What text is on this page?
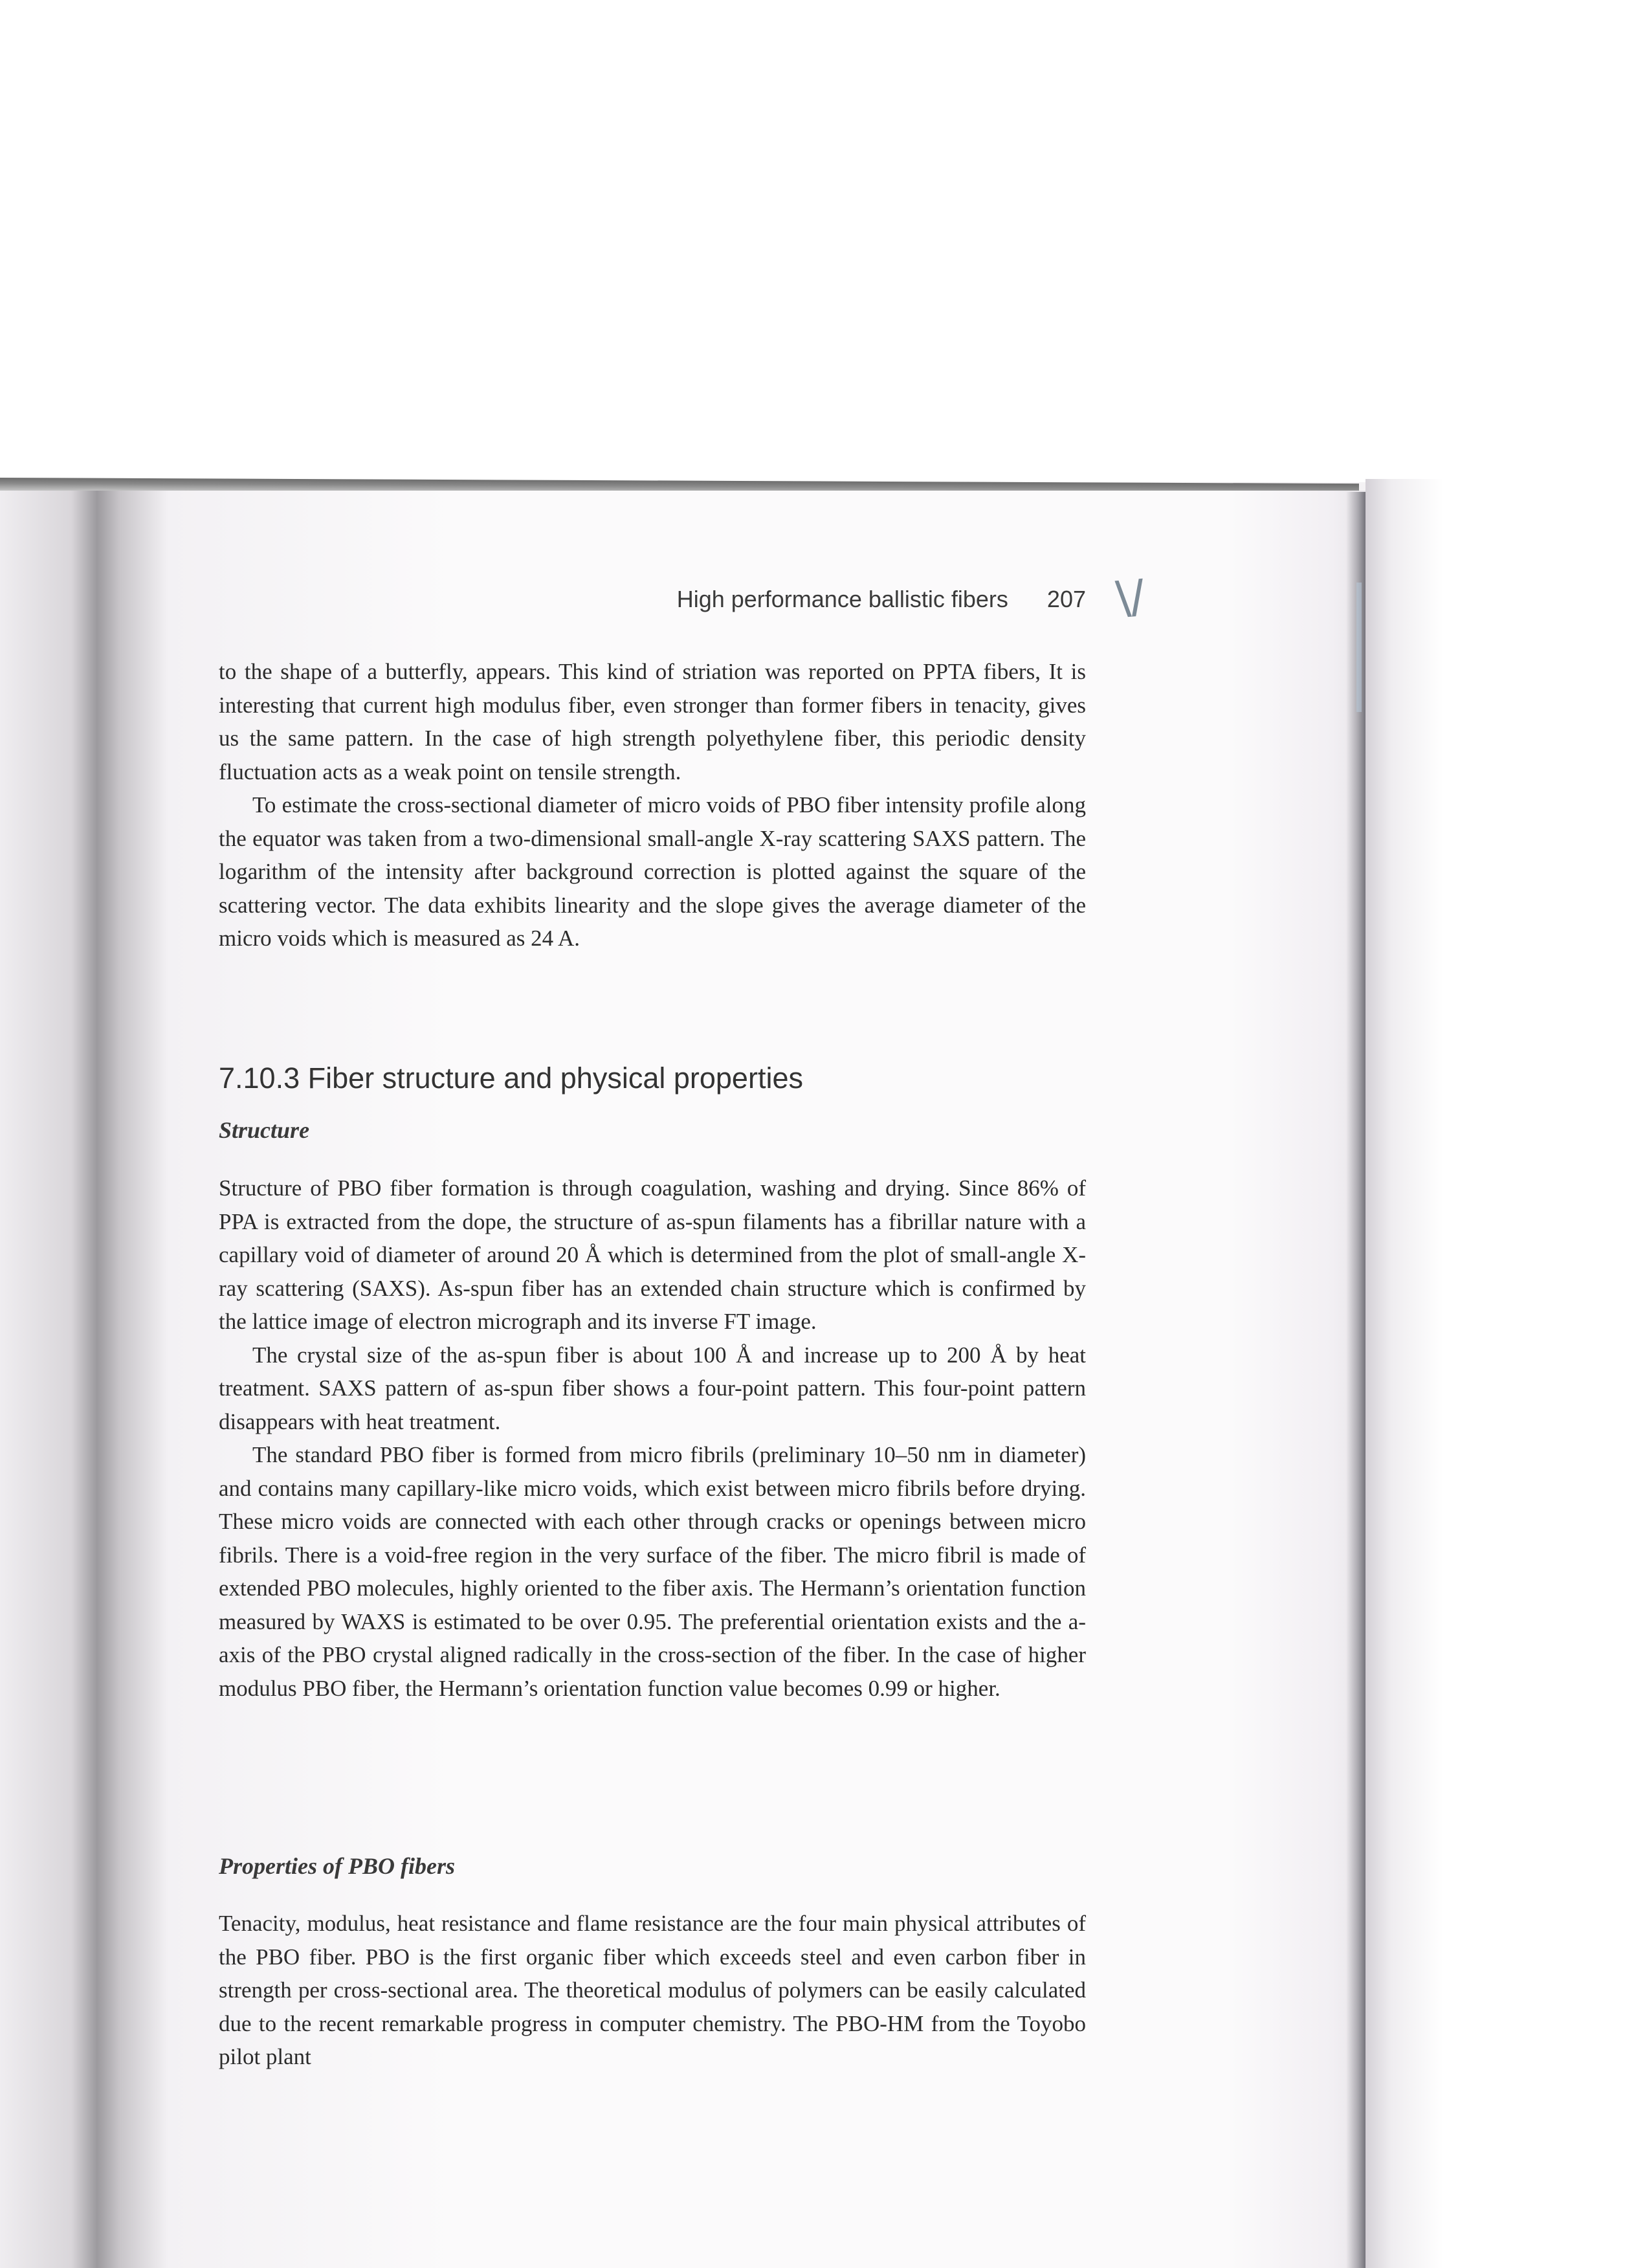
High performance ballistic fibers 207 \/

to the shape of a butterfly, appears. This kind of striation was reported on PPTA fibers, It is interesting that current high modulus fiber, even stronger than former fibers in tenacity, gives us the same pattern. In the case of high strength polyethylene fiber, this periodic density fluctuation acts as a weak point on tensile strength.

To estimate the cross-sectional diameter of micro voids of PBO fiber intensity profile along the equator was taken from a two-dimensional small-angle X-ray scattering SAXS pattern. The logarithm of the intensity after background correction is plotted against the square of the scattering vector. The data exhibits linearity and the slope gives the average diameter of the micro voids which is measured as 24 A.

7.10.3 Fiber structure and physical properties
Structure

Structure of PBO fiber formation is through coagulation, washing and drying. Since 86% of PPA is extracted from the dope, the structure of as-spun filaments has a fibrillar nature with a capillary void of diameter of around 20 Å which is determined from the plot of small-angle X-ray scattering (SAXS). As-spun fiber has an extended chain structure which is confirmed by the lattice image of electron micrograph and its inverse FT image.

The crystal size of the as-spun fiber is about 100 Å and increase up to 200 Å by heat treatment. SAXS pattern of as-spun fiber shows a four-point pattern. This four-point pattern disappears with heat treatment.

The standard PBO fiber is formed from micro fibrils (preliminary 10–50 nm in diameter) and contains many capillary-like micro voids, which exist between micro fibrils before drying. These micro voids are connected with each other through cracks or openings between micro fibrils. There is a void-free region in the very surface of the fiber. The micro fibril is made of extended PBO molecules, highly oriented to the fiber axis. The Hermann’s orientation function measured by WAXS is estimated to be over 0.95. The preferential orientation exists and the a-axis of the PBO crystal aligned radically in the cross-section of the fiber. In the case of higher modulus PBO fiber, the Hermann’s orientation function value becomes 0.99 or higher.

Properties of PBO fibers

Tenacity, modulus, heat resistance and flame resistance are the four main physical attributes of the PBO fiber. PBO is the first organic fiber which exceeds steel and even carbon fiber in strength per cross-sectional area. The theoretical modulus of polymers can be easily calculated due to the recent remarkable progress in computer chemistry. The PBO-HM from the Toyobo pilot plant
